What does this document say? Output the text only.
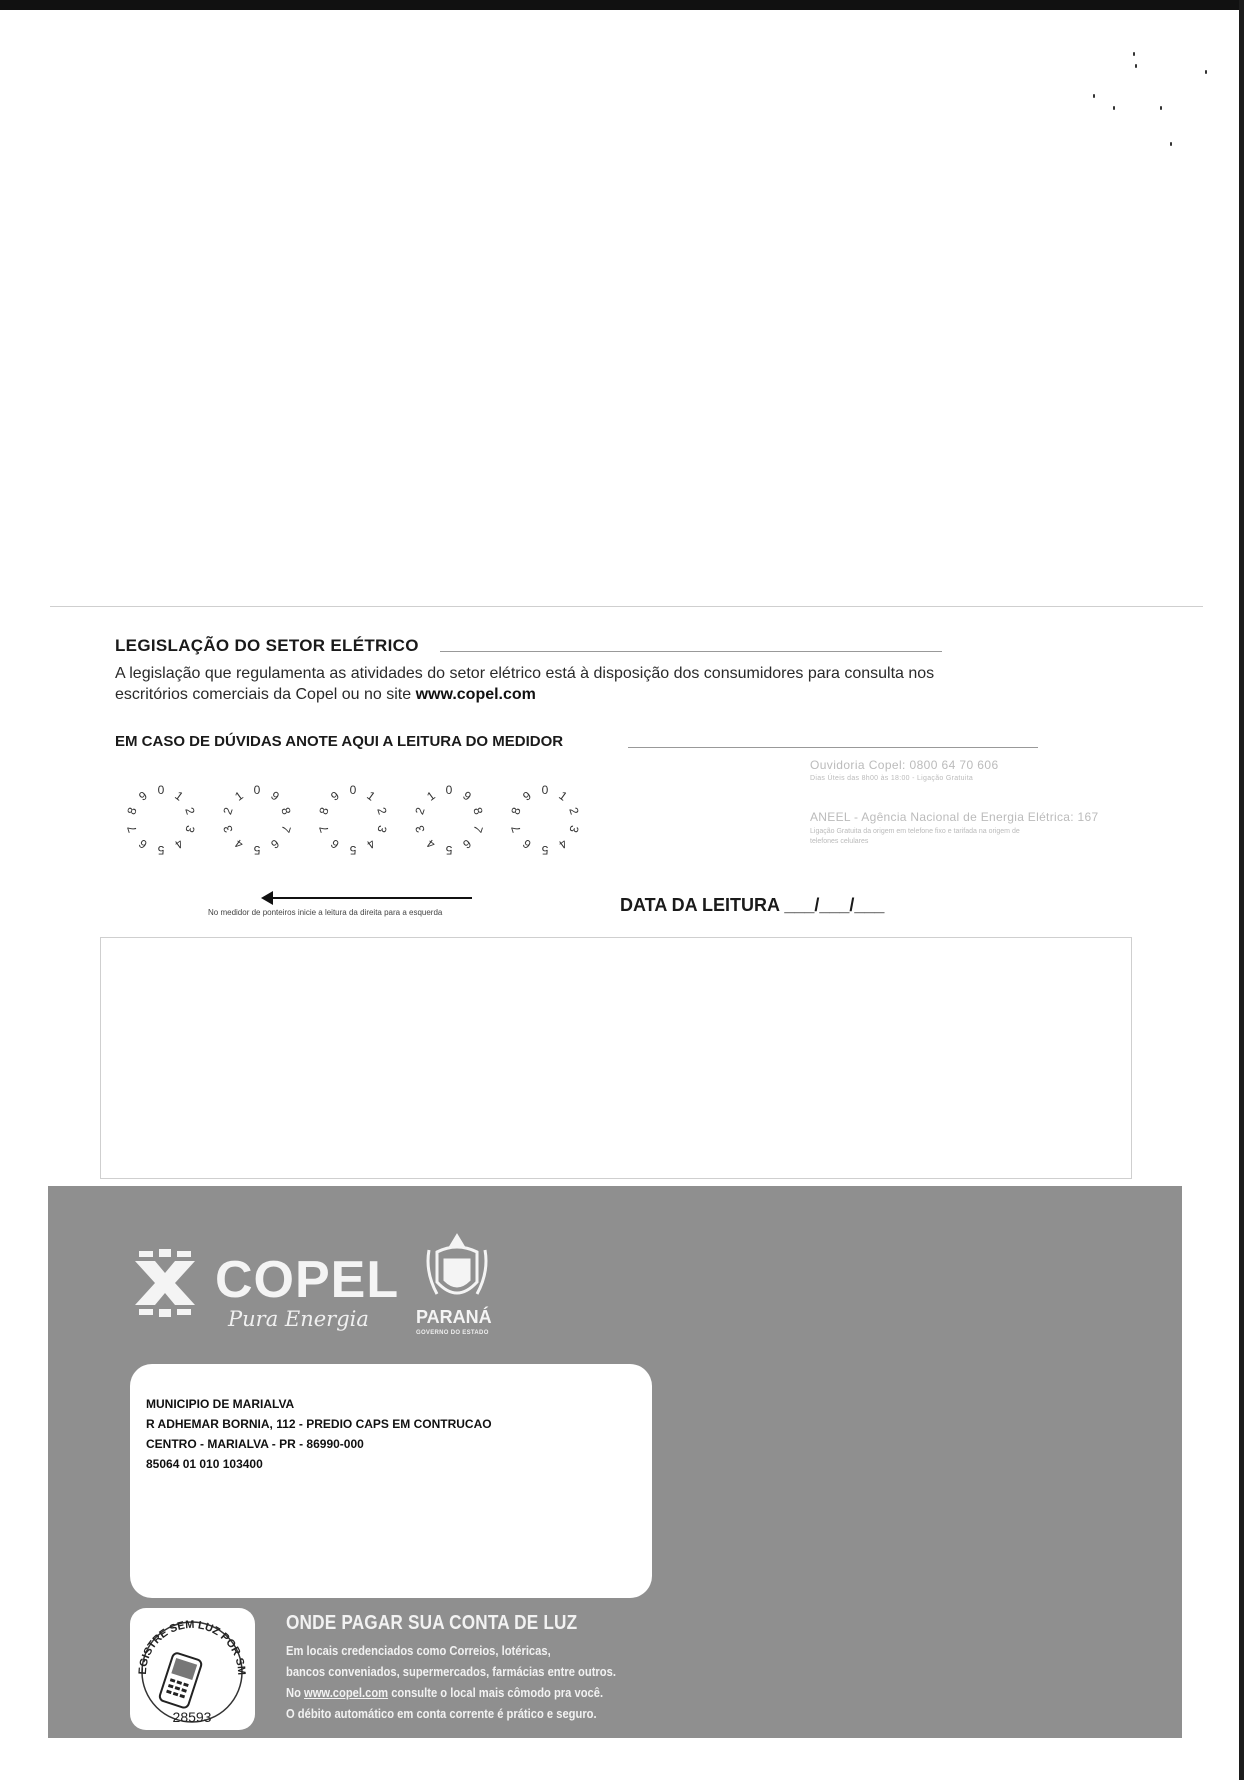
LEGISLAÇÃO DO SETOR ELÉTRICO
A legislação que regulamenta as atividades do setor elétrico está à disposição dos consumidores para consulta nos
escritórios comerciais da Copel ou no site www.copel.com
EM CASO DE DÚVIDAS ANOTE AQUI A LEITURA DO MEDIDOR
0 1
2
3
4
5
6
7
8
9	0
1
2
3
4 5 6
7
8
9	0 1
2
3
4
5
6
7
8
9	0
1
2
3
4 5 6
7
8
9	0 1
2
3
4
5
6
7
8
9
No medidor de ponteiros inicie a leitura da direita para a esquerda
Ouvidoria Copel: 0800 64 70 606
Dias Úteis das 8h00 às 18:00 - Ligação Gratuita
ANEEL - Agência Nacional de Energia Elétrica: 167
Ligação Gratuita da origem em telefone fixo e tarifada na origem de
telefones celulares
DATA DA LEITURA ___/___/___
COPEL
Pura Energia	PARANÁ
GOVERNO DO ESTADO
MUNICIPIO DE MARIALVA
R ADHEMAR BORNIA, 112 - PREDIO CAPS EM CONTRUCAO
CENTRO - MARIALVA - PR - 86990-000
85064 01 010 103400
EGISTRE SEM LUZ POR SM
28593
ONDE PAGAR SUA CONTA DE LUZ
Em locais credenciados como Correios, lotéricas,
bancos conveniados, supermercados, farmácias entre outros.
No www.copel.com consulte o local mais cômodo pra você.
O débito automático em conta corrente é prático e seguro.
